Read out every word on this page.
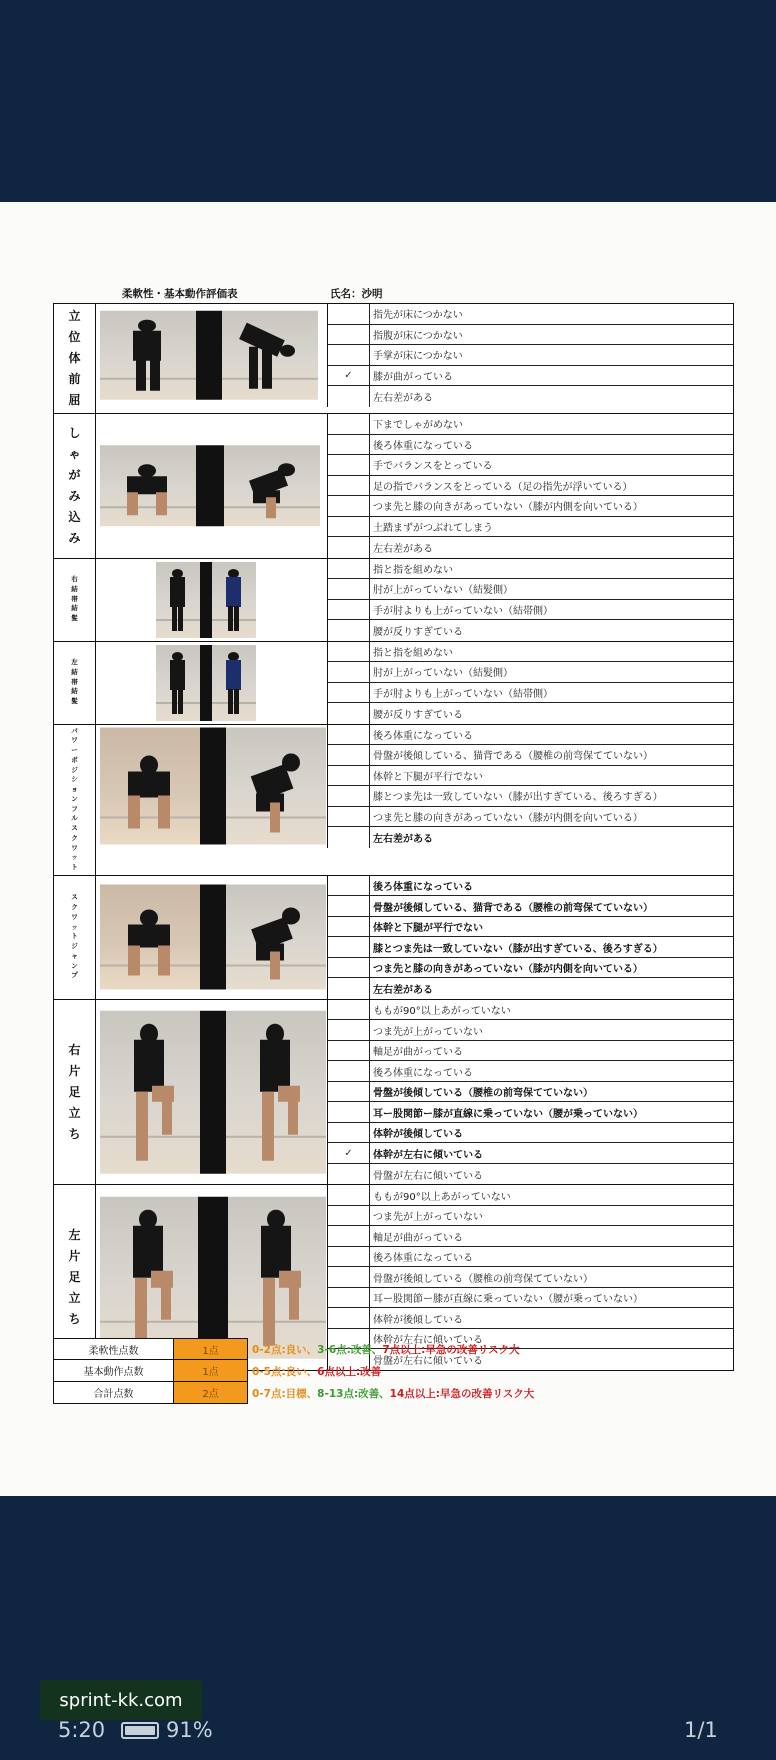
柔軟性・基本動作評価表	氏名：沙明
立
位
体
前
屈
指先が床につかない
指腹が床につかない
手掌が床につかない
✓	膝が曲がっている
左右差がある
し
ゃ
が
み
込
み
下までしゃがめない
後ろ体重になっている
手でバランスをとっている
足の指でバランスをとっている（足の指先が浮いている）
つま先と膝の向きがあっていない（膝が内側を向いている）
土踏まずがつぶれてしまう
左右差がある
右
結
帯
結
髪
指と指を組めない
肘が上がっていない（結髪側）
手が肘よりも上がっていない（結帯側）
腰が反りすぎている
左
結
帯
結
髪
指と指を組めない
肘が上がっていない（結髪側）
手が肘よりも上がっていない（結帯側）
腰が反りすぎている
パ
ワ
ー
ポ
ジ
シ
ョ
ン
フ
ル
ス
ク
ワ
ッ
ト
後ろ体重になっている
骨盤が後傾している、猫背である（腰椎の前弯保てていない）
体幹と下腿が平行でない
膝とつま先は一致していない（膝が出すぎている、後ろすぎる）
つま先と膝の向きがあっていない（膝が内側を向いている）
左右差がある
ス
ク
ワ
ッ
ト
ジ
ャ
ン
プ
後ろ体重になっている
骨盤が後傾している、猫背である（腰椎の前弯保てていない）
体幹と下腿が平行でない
膝とつま先は一致していない（膝が出すぎている、後ろすぎる）
つま先と膝の向きがあっていない（膝が内側を向いている）
左右差がある
右
片
足
立
ち
ももが90°以上あがっていない
つま先が上がっていない
軸足が曲がっている
後ろ体重になっている
骨盤が後傾している（腰椎の前弯保てていない）
耳ー股関節ー膝が直線に乗っていない（腰が乗っていない）
体幹が後傾している
✓	体幹が左右に傾いている
骨盤が左右に傾いている
左
片
足
立
ち
ももが90°以上あがっていない
つま先が上がっていない
軸足が曲がっている
後ろ体重になっている
骨盤が後傾している（腰椎の前弯保てていない）
耳ー股関節ー膝が直線に乗っていない（腰が乗っていない）
体幹が後傾している
体幹が左右に傾いている
骨盤が左右に傾いている
柔軟性点数	1点	0-2点:良い、3-6点:改善、7点以上:早急の改善リスク大
基本動作点数	1点	0-5点:良い、6点以上:改善
合計点数	2点	0-7点:目標、8-13点:改善、14点以上:早急の改善リスク大
sprint-kk.com
5:20	91%	1/1
